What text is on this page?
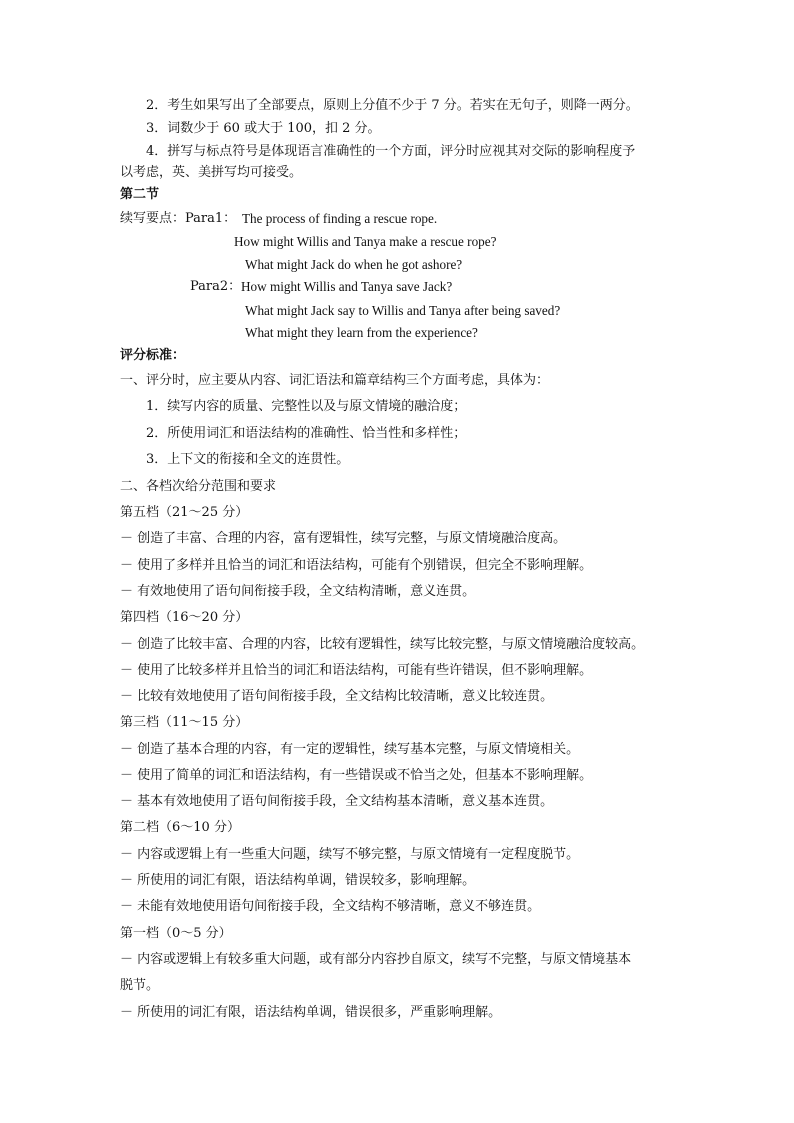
2．考生如果写出了全部要点，原则上分值不少于 7 分。若实在无句子，则降一两分。
3．词数少于 60 或大于 100，扣 2 分。
4．拼写与标点符号是体现语言准确性的一个方面，评分时应视其对交际的影响程度予
以考虑，英、美拼写均可接受。
第二节
续写要点：Para1： The process of finding a rescue rope.
How might Willis and Tanya make a rescue rope?
What might Jack do when he got ashore?
Para2： How might Willis and Tanya save Jack?
What might Jack say to Willis and Tanya after being saved?
What might they learn from the experience?
评分标准：
一、评分时，应主要从内容、词汇语法和篇章结构三个方面考虑，具体为：
1．续写内容的质量、完整性以及与原文情境的融洽度；
2．所使用词汇和语法结构的准确性、恰当性和多样性；
3．上下文的衔接和全文的连贯性。
二、各档次给分范围和要求
第五档（21～25 分）
－ 创造了丰富、合理的内容，富有逻辑性，续写完整，与原文情境融洽度高。
－ 使用了多样并且恰当的词汇和语法结构，可能有个别错误，但完全不影响理解。
－ 有效地使用了语句间衔接手段，全文结构清晰，意义连贯。
第四档（16～20 分）
－ 创造了比较丰富、合理的内容，比较有逻辑性，续写比较完整，与原文情境融洽度较高。
－ 使用了比较多样并且恰当的词汇和语法结构，可能有些许错误，但不影响理解。
－ 比较有效地使用了语句间衔接手段，全文结构比较清晰，意义比较连贯。
第三档（11～15 分）
－ 创造了基本合理的内容，有一定的逻辑性，续写基本完整，与原文情境相关。
－ 使用了简单的词汇和语法结构，有一些错误或不恰当之处，但基本不影响理解。
－ 基本有效地使用了语句间衔接手段，全文结构基本清晰，意义基本连贯。
第二档（6～10 分）
－ 内容或逻辑上有一些重大问题，续写不够完整，与原文情境有一定程度脱节。
－ 所使用的词汇有限，语法结构单调，错误较多，影响理解。
－ 未能有效地使用语句间衔接手段，全文结构不够清晰，意义不够连贯。
第一档（0～5 分）
－ 内容或逻辑上有较多重大问题，或有部分内容抄自原文，续写不完整，与原文情境基本
脱节。
－ 所使用的词汇有限，语法结构单调，错误很多，严重影响理解。
